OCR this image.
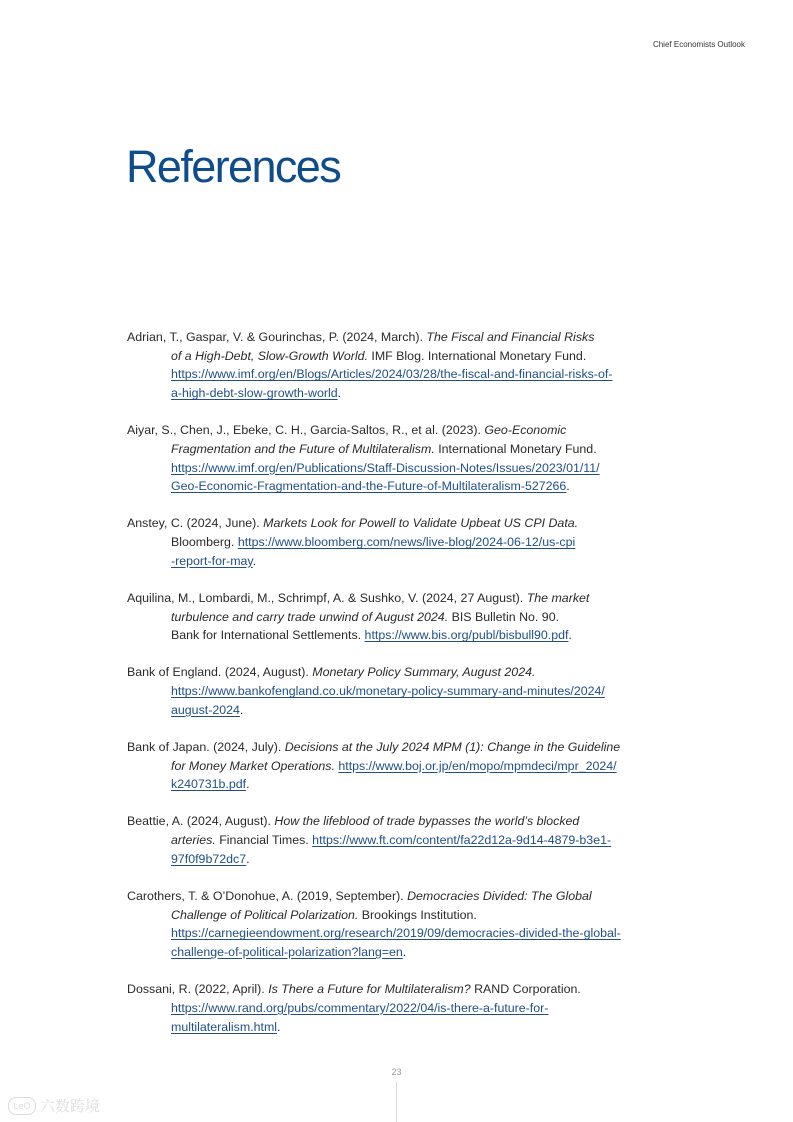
Chief Economists Outlook
References
Adrian, T., Gaspar, V. & Gourinchas, P. (2024, March). The Fiscal and Financial Risks
of a High-Debt, Slow-Growth World. IMF Blog. International Monetary Fund.
https://www.imf.org/en/Blogs/Articles/2024/03/28/the-fiscal-and-financial-risks-of-
a-high-debt-slow-growth-world.
Aiyar, S., Chen, J., Ebeke, C. H., Garcia-Saltos, R., et al. (2023). Geo-Economic
Fragmentation and the Future of Multilateralism. International Monetary Fund.
https://www.imf.org/en/Publications/Staff-Discussion-Notes/Issues/2023/01/11/
Geo-Economic-Fragmentation-and-the-Future-of-Multilateralism-527266.
Anstey, C. (2024, June). Markets Look for Powell to Validate Upbeat US CPI Data.
Bloomberg. https://www.bloomberg.com/news/live-blog/2024-06-12/us-cpi
-report-for-may.
Aquilina, M., Lombardi, M., Schrimpf, A. & Sushko, V. (2024, 27 August). The market
turbulence and carry trade unwind of August 2024. BIS Bulletin No. 90.
Bank for International Settlements. https://www.bis.org/publ/bisbull90.pdf.
Bank of England. (2024, August). Monetary Policy Summary, August 2024.
https://www.bankofengland.co.uk/monetary-policy-summary-and-minutes/2024/
august-2024.
Bank of Japan. (2024, July). Decisions at the July 2024 MPM (1): Change in the Guideline
for Money Market Operations. https://www.boj.or.jp/en/mopo/mpmdeci/mpr_2024/
k240731b.pdf.
Beattie, A. (2024, August). How the lifeblood of trade bypasses the world’s blocked
arteries. Financial Times. https://www.ft.com/content/fa22d12a-9d14-4879-b3e1-
97f0f9b72dc7.
Carothers, T. & O’Donohue, A. (2019, September). Democracies Divided: The Global
Challenge of Political Polarization. Brookings Institution.
https://carnegieendowment.org/research/2019/09/democracies-divided-the-global-
challenge-of-political-polarization?lang=en.
Dossani, R. (2022, April). Is There a Future for Multilateralism? RAND Corporation.
https://www.rand.org/pubs/commentary/2022/04/is-there-a-future-for-
multilateralism.html.
23
LeO 六数跨境
